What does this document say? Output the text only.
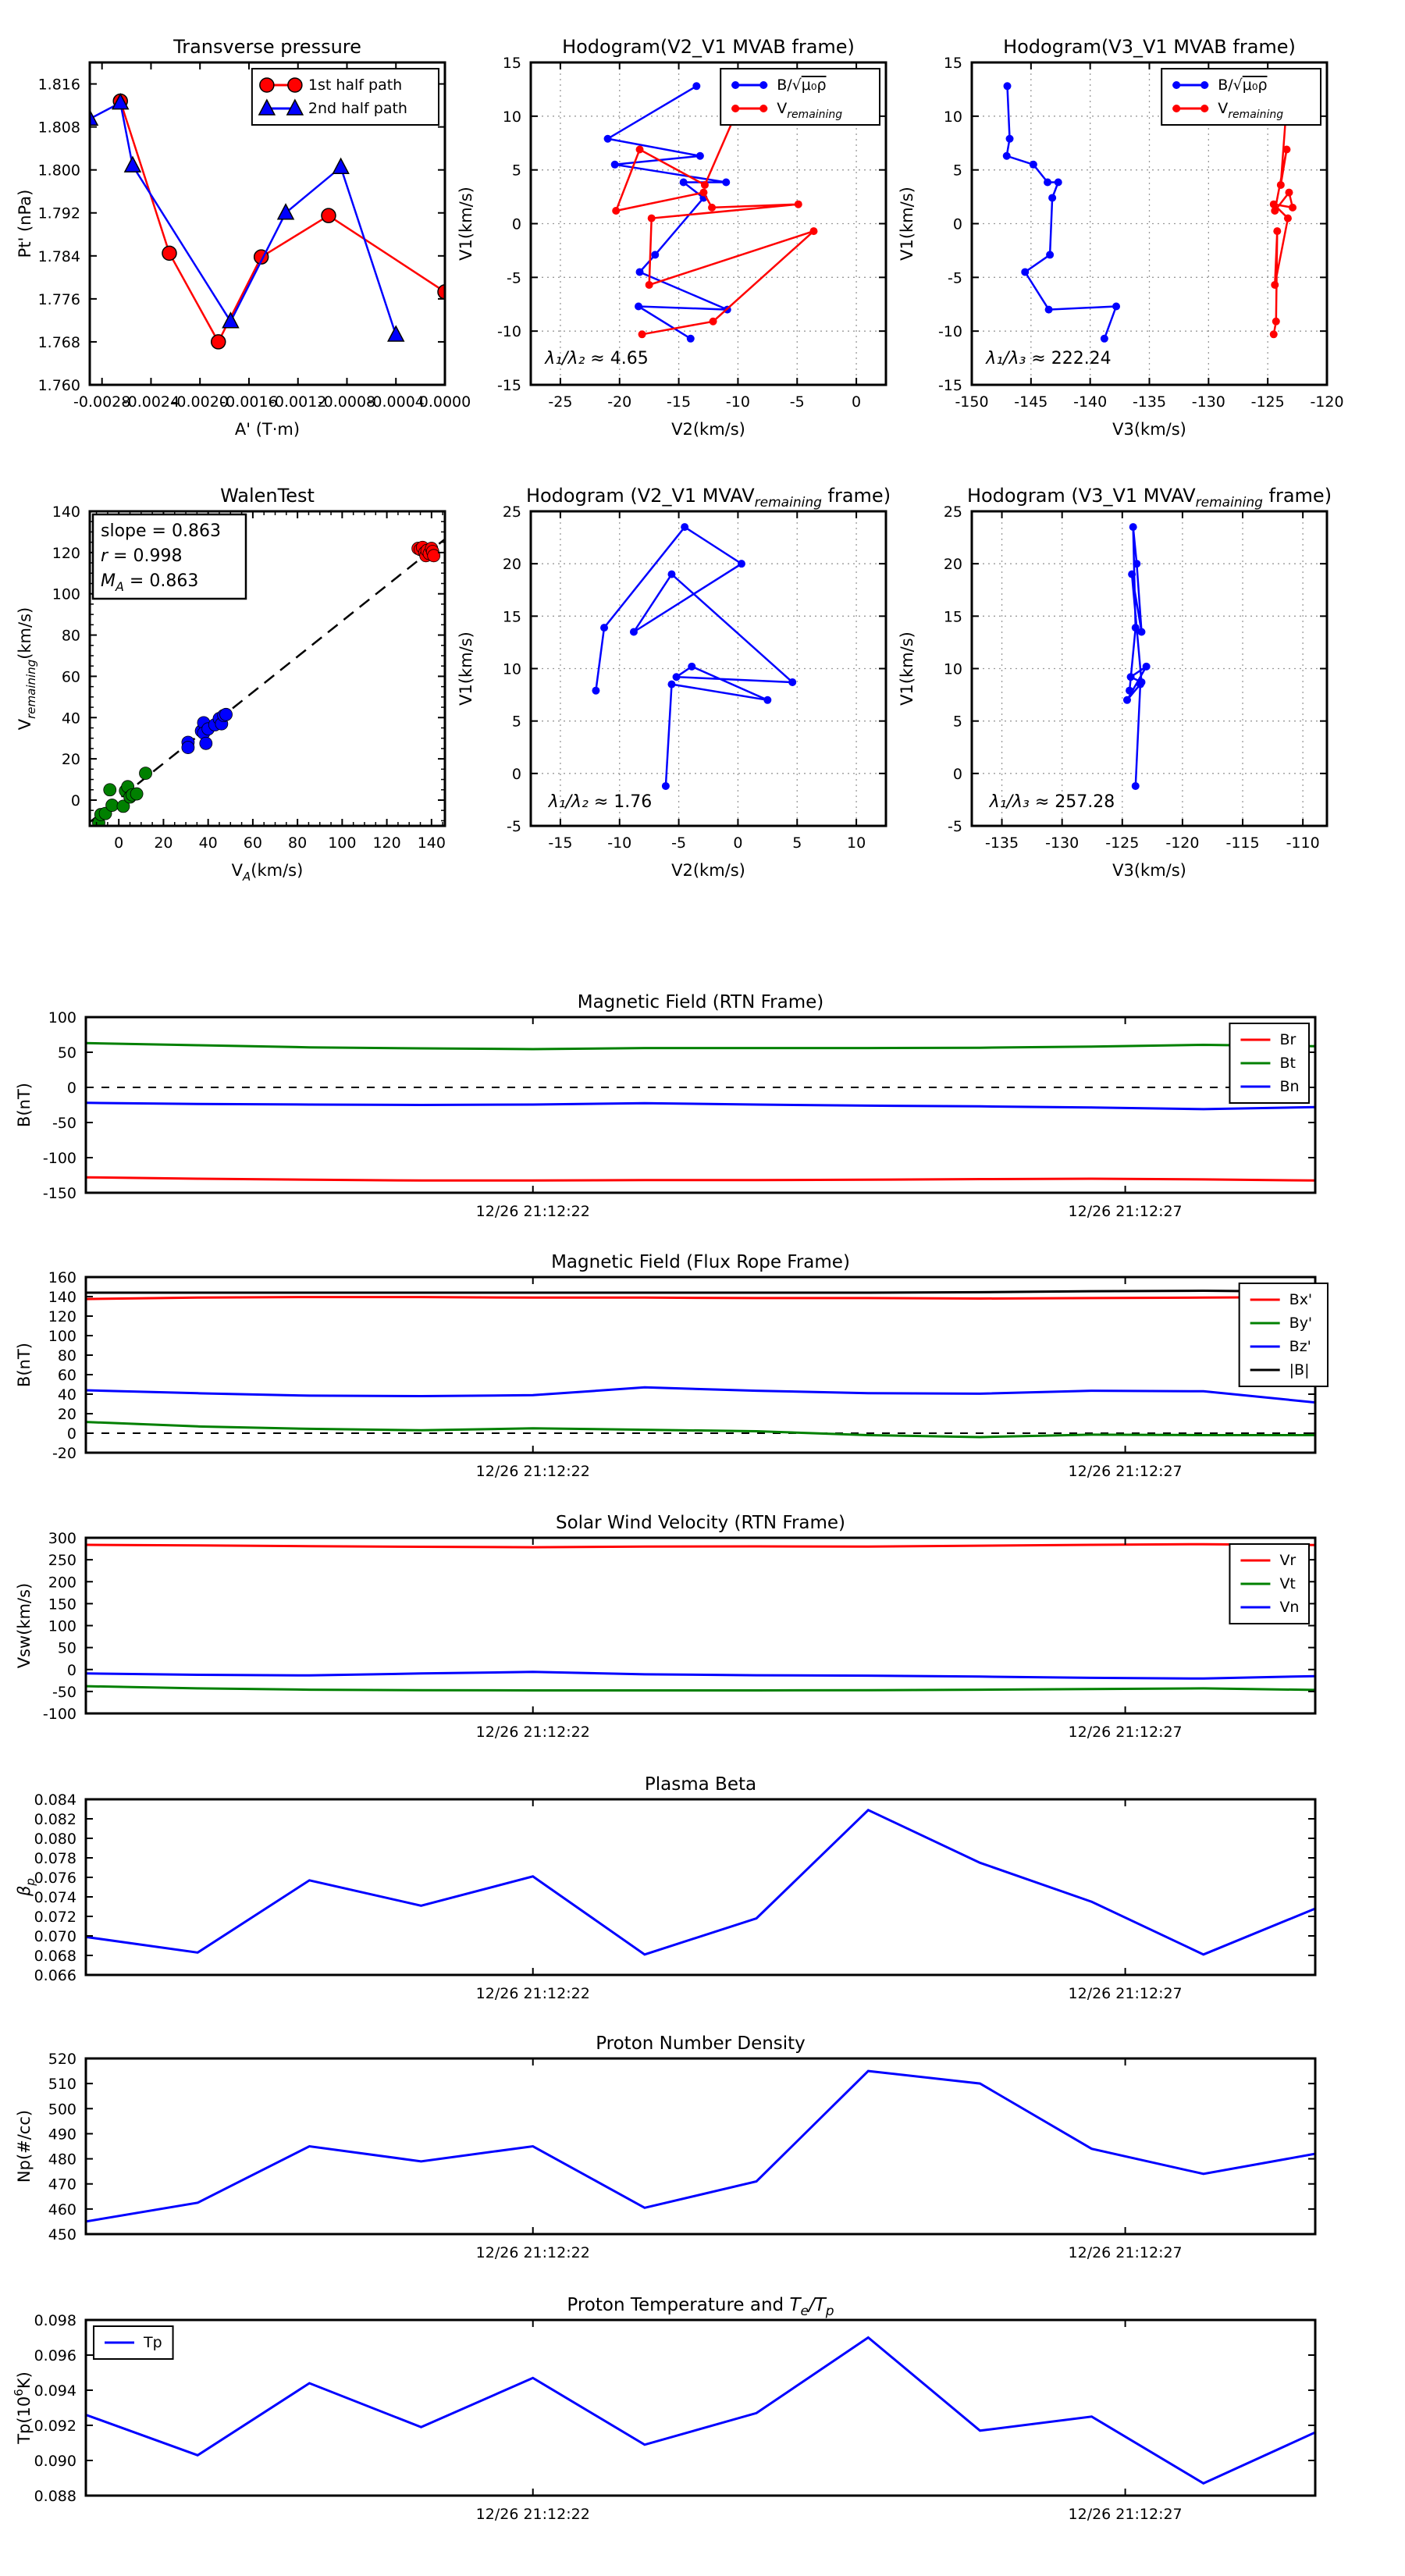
-0.0028
-0.0024
-0.0020
-0.0016
-0.0012
-0.0008
-0.0004
0.0000
1.760
1.768
1.776
1.784
1.792
1.800
1.808
1.816
Transverse pressure
A' (T·m)
Pt' (nPa)
1st half path
2nd half path
-25 -20 -15 -10	-5	0
-15
-10
-5
0
5
10
15
Hodogram(V2_V1 MVAB frame)
V2(km/s)
V1(km/s)
λ₁/λ₂ ≈ 4.65
B/√μ₀ρ
$V_{remaining}$
-150 -145 -140 -135 -130 -125 -120
-15
-10
-5
0
5
10
15
Hodogram(V3_V1 MVAB frame)
V3(km/s)
V1(km/s)
λ₁/λ₃ ≈ 222.24
B/√μ₀ρ
$V_{remaining}$
0 20 40 60 80 100 120 140
0
20
40
60
80
100
120
140
WalenTest
$V_A(km/s)$
$V_{remaining}(km/s)$
slope = 0.863
r = 0.998
$M_A = 0.863$
-15 -10	-5	0	5	10
-5
0
5
10
15
20
25
Hodogram (V2_V1 $MVAV_{remaining}$ frame)
V2(km/s)
V1(km/s)
λ₁/λ₂ ≈ 1.76
-135 -130 -125 -120 -115 -110
-5
0
5
10
15
20
25
Hodogram (V3_V1 $MVAV_{remaining}$ frame)
V3(km/s)
V1(km/s)
λ₁/λ₃ ≈ 257.28
-150
-100
-50
0
50
100
12/26 21:12:22	12/26 21:12:27
Magnetic Field (RTN Frame)
B(nT)
Br
Bt
Bn
-20
0
20
40
60
80
100
120
140
160
12/26 21:12:22	12/26 21:12:27
Magnetic Field (Flux Rope Frame)
B(nT)
Bx'
By'
Bz'
|B|
-100
-50
0
50
100
150
200
250
300
12/26 21:12:22	12/26 21:12:27
Solar Wind Velocity (RTN Frame)
Vsw(km/s)
Vr
Vt
Vn
0.066
0.068
0.070
0.072
0.074
0.076
0.078
0.080
0.082
0.084
12/26 21:12:22	12/26 21:12:27
Plasma Beta
$\beta_p$
450
460
470
480
490
500
510
520
12/26 21:12:22	12/26 21:12:27
Proton Number Density
Np(#/cc)
0.088
0.090
0.092
0.094
0.096
0.098
12/26 21:12:22	12/26 21:12:27
Proton Temperature and $T_e/T_p$
$Tp(10^6K)$
Tp
